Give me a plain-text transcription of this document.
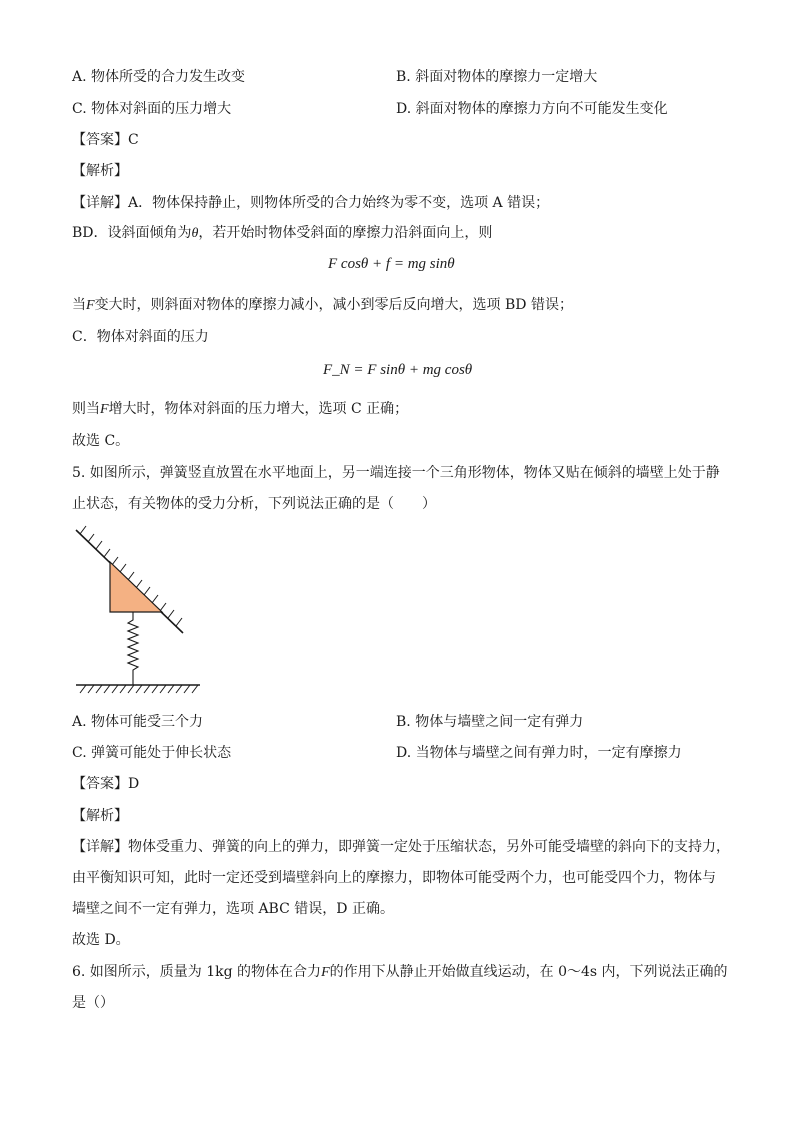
A. 物体所受的合力发生改变	B. 斜面对物体的摩擦力一定增大
C. 物体对斜面的压力增大	D. 斜面对物体的摩擦力方向不可能发生变化
【答案】C
【解析】
【详解】A．物体保持静止，则物体所受的合力始终为零不变，选项 A 错误；
BD．设斜面倾角为θ，若开始时物体受斜面的摩擦力沿斜面向上，则
F cosθ + f = mg sinθ
当F变大时，则斜面对物体的摩擦力减小，减小到零后反向增大，选项 BD 错误；
C．物体对斜面的压力
F_N = F sinθ + mg cosθ
则当F增大时，物体对斜面的压力增大，选项 C 正确；
故选 C。
5. 如图所示，弹簧竖直放置在水平地面上，另一端连接一个三角形物体，物体又贴在倾斜的墙壁上处于静
止状态，有关物体的受力分析，下列说法正确的是（　　）
A. 物体可能受三个力	B. 物体与墙壁之间一定有弹力
C. 弹簧可能处于伸长状态	D. 当物体与墙壁之间有弹力时，一定有摩擦力
【答案】D
【解析】
【详解】物体受重力、弹簧的向上的弹力，即弹簧一定处于压缩状态，另外可能受墙壁的斜向下的支持力，
由平衡知识可知，此时一定还受到墙壁斜向上的摩擦力，即物体可能受两个力，也可能受四个力，物体与
墙壁之间不一定有弹力，选项 ABC 错误，D 正确。
故选 D。
6. 如图所示，质量为 1kg 的物体在合力F的作用下从静止开始做直线运动，在 0～4s 内，下列说法正确的
是（）
